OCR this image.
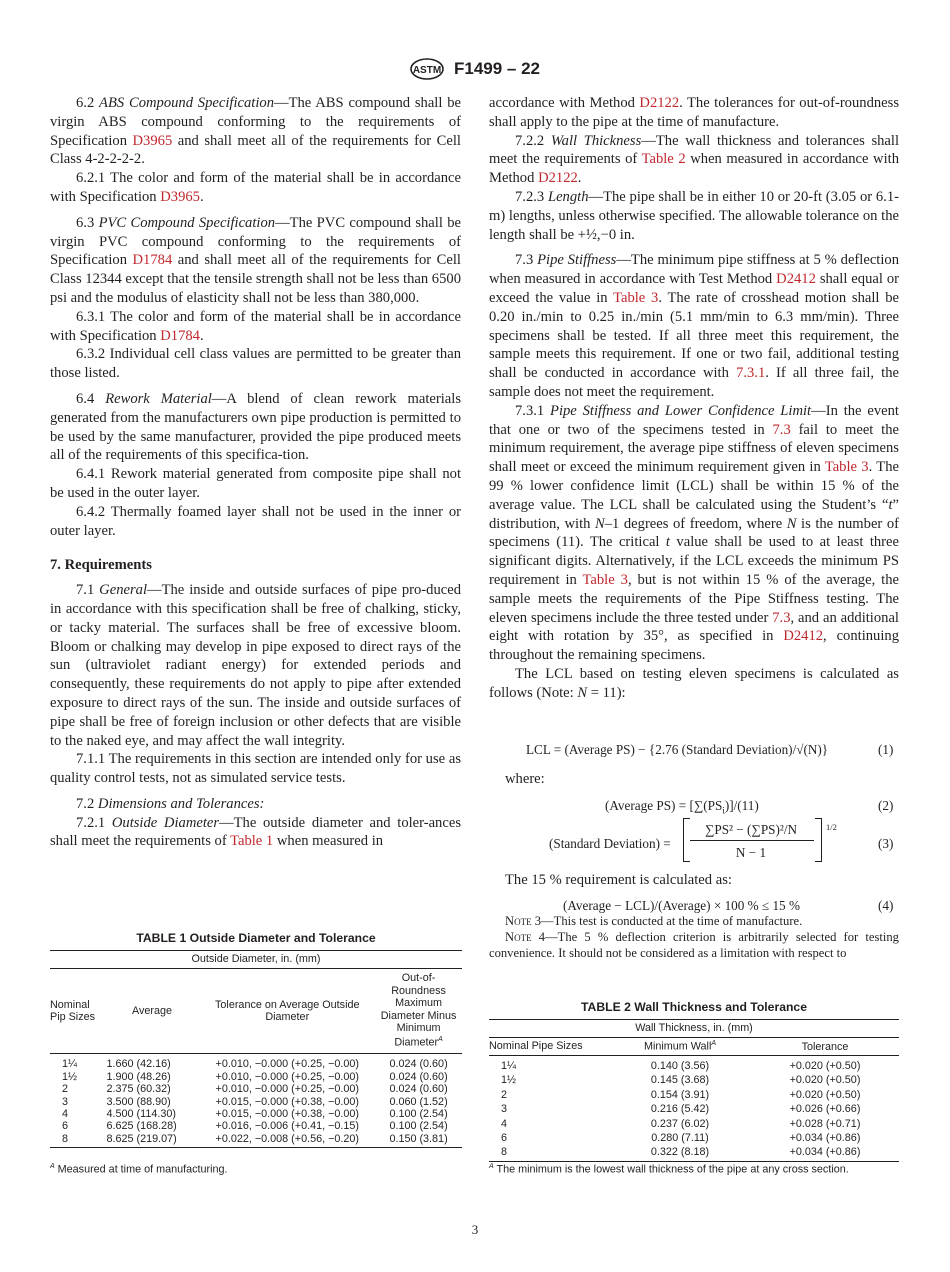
ASTM F1499 – 22

6.2 ABS Compound Specification—The ABS compound shall be virgin ABS compound conforming to the requirements of Specification D3965 and shall meet all of the requirements for Cell Class 4-2-2-2-2.

6.2.1 The color and form of the material shall be in accordance with Specification D3965.

6.3 PVC Compound Specification—The PVC compound shall be virgin PVC compound conforming to the requirements of Specification D1784 and shall meet all of the requirements for Cell Class 12344 except that the tensile strength shall not be less than 6500 psi and the modulus of elasticity shall not be less than 380,000.

6.3.1 The color and form of the material shall be in accordance with Specification D1784.

6.3.2 Individual cell class values are permitted to be greater than those listed.

6.4 Rework Material—A blend of clean rework materials generated from the manufacturers own pipe production is permitted to be used by the same manufacturer, provided the pipe produced meets all of the requirements of this specifica-tion.

6.4.1 Rework material generated from composite pipe shall not be used in the outer layer.

6.4.2 Thermally foamed layer shall not be used in the inner or outer layer.

7. Requirements

7.1 General—The inside and outside surfaces of pipe pro-duced in accordance with this specification shall be free of chalking, sticky, or tacky material. The surfaces shall be free of excessive bloom. Bloom or chalking may develop in pipe exposed to direct rays of the sun (ultraviolet radiant energy) for extended periods and consequently, these requirements do not apply to pipe after extended exposure to direct rays of the sun. The inside and outside surfaces of pipe shall be free of foreign inclusion or other defects that are visible to the naked eye, and may affect the wall integrity.

7.1.1 The requirements in this section are intended only for use as quality control tests, not as simulated service tests.

7.2 Dimensions and Tolerances:

7.2.1 Outside Diameter—The outside diameter and toler-ances shall meet the requirements of Table 1 when measured in

accordance with Method D2122. The tolerances for out-of-roundness shall apply to the pipe at the time of manufacture.

7.2.2 Wall Thickness—The wall thickness and tolerances shall meet the requirements of Table 2 when measured in accordance with Method D2122.

7.2.3 Length—The pipe shall be in either 10 or 20-ft (3.05 or 6.1-m) lengths, unless otherwise specified. The allowable tolerance on the length shall be +½,−0 in.

7.3 Pipe Stiffness—The minimum pipe stiffness at 5 % deflection when measured in accordance with Test Method D2412 shall equal or exceed the value in Table 3. The rate of crosshead motion shall be 0.20 in./min to 0.25 in./min (5.1 mm/min to 6.3 mm/min). Three specimens shall be tested. If all three meet this requirement, the sample meets this requirement. If one or two fail, additional testing shall be conducted in accordance with 7.3.1. If all three fail, the sample does not meet the requirement.

7.3.1 Pipe Stiffness and Lower Confidence Limit—In the event that one or two of the specimens tested in 7.3 fail to meet the minimum requirement, the average pipe stiffness of eleven specimens shall meet or exceed the minimum requirement given in Table 3. The 99 % lower confidence limit (LCL) shall be within 15 % of the average value. The LCL shall be calculated using the Student’s “t” distribution, with N–1 degrees of freedom, where N is the number of specimens (11). The critical t value shall be used to at least three significant digits. Alternatively, if the LCL exceeds the minimum PS requirement in Table 3, but is not within 15 % of the average, the sample meets the requirements of the Pipe Stiffness testing. The eleven specimens include the three tested under 7.3, and an additional eight with rotation by 35°, as specified in D2412, continuing throughout the remaining specimens.

The LCL based on testing eleven specimens is calculated as follows (Note: N = 11):

LCL = (Average PS) − {2.76 (Standard Deviation)/√(N)}	(1)
where:
(Average $PS) = [\sum(PS_i)]/(11)$	(2)
(Standard Deviation) =
∑PS² − (∑PS)²/N
N − 1
1/2
(3)
The 15 % requirement is calculated as:
(Average − LCL)/(Average) × 100 % ≤ 15 %	(4)
Note 3—This test is conducted at the time of manufacture.
Note 4—The 5 % deflection criterion is arbitrarily selected for testing convenience. It should not be considered as a limitation with respect to
TABLE 1 Outside Diameter and Tolerance
Outside Diameter, in. (mm)			
Nominal Pip Sizes	Average	Tolerance on Average Outside Diameter	Out-of-Roundness Maximum Diameter Minus Minimum Diameter$^A$
1¼	1.660 (42.16)	+0.010, −0.000 (+0.25, −0.00)	0.024 (0.60)
1½	1.900 (48.26)	+0.010, −0.000 (+0.25, −0.00)	0.024 (0.60)
2	2.375 (60.32)	+0.010, −0.000 (+0.25, −0.00)	0.024 (0.60)
3	3.500 (88.90)	+0.015, −0.000 (+0.38, −0.00)	0.060 (1.52)
4	4.500 (114.30)	+0.015, −0.000 (+0.38, −0.00)	0.100 (2.54)
6	6.625 (168.28)	+0.016, −0.006 (+0.41, −0.15)	0.100 (2.54)
8	8.625 (219.07)	+0.022, −0.008 (+0.56, −0.20)	0.150 (3.81)
$^A$ Measured at time of manufacturing.
TABLE 2 Wall Thickness and Tolerance
Wall Thickness, in. (mm)		
Nominal Pipe Sizes	Minimum Wall$^A$	Tolerance
1¼	0.140 (3.56)	+0.020 (+0.50)
1½	0.145 (3.68)	+0.020 (+0.50)
2	0.154 (3.91)	+0.020 (+0.50)
3	0.216 (5.42)	+0.026 (+0.66)
4	0.237 (6.02)	+0.028 (+0.71)
6	0.280 (7.11)	+0.034 (+0.86)
8	0.322 (8.18)	+0.034 (+0.86)
$^A$ The minimum is the lowest wall thickness of the pipe at any cross section.
3
